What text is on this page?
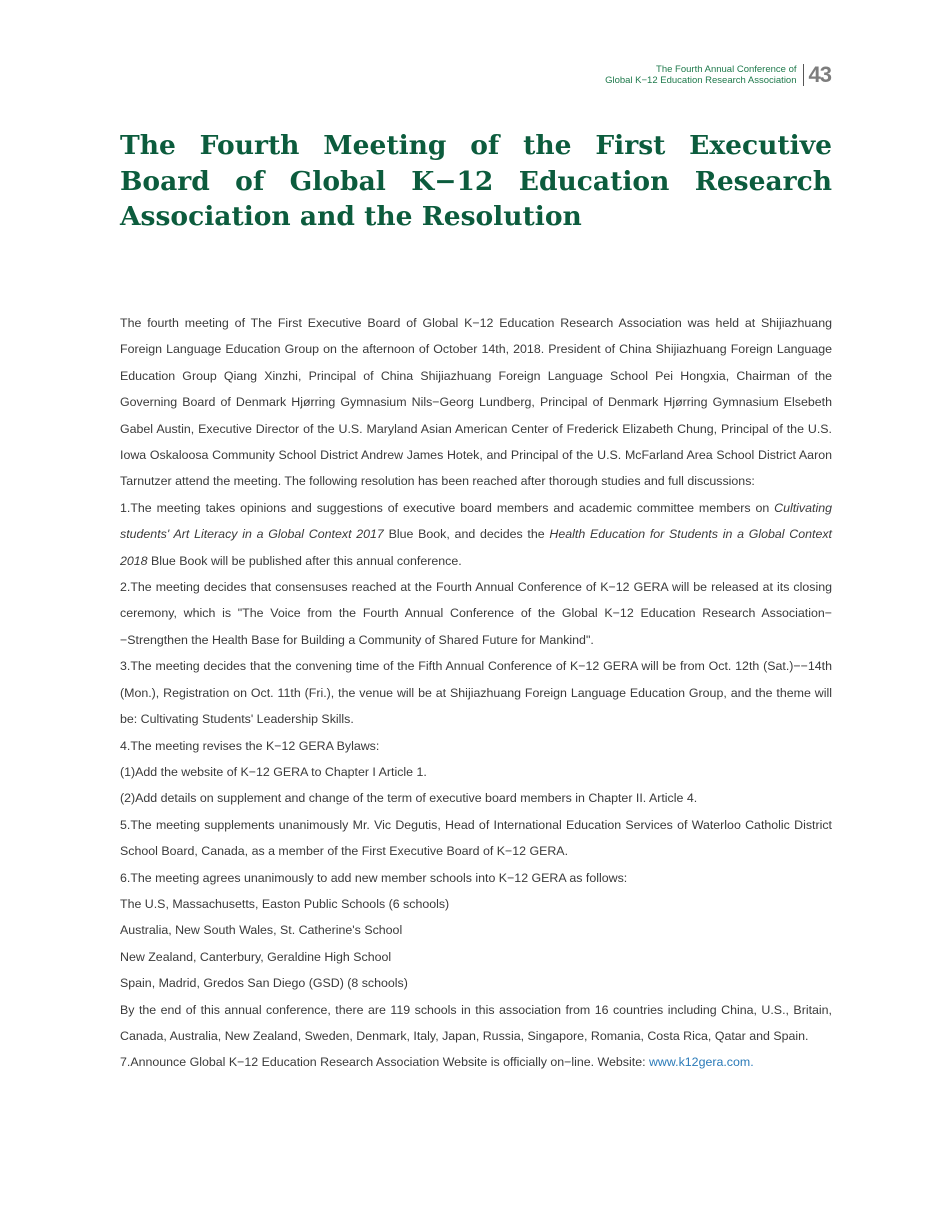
The Fourth Annual Conference of
Global K−12 Education Research Association 43
The Fourth Meeting of the First Executive Board of Global K−12 Education Research Association and the Resolution

The fourth meeting of The First Executive Board of Global K−12 Education Research Association was held at Shijiazhuang Foreign Language Education Group on the afternoon of October 14th, 2018. President of China Shijiazhuang Foreign Language Education Group Qiang Xinzhi, Principal of China Shijiazhuang Foreign Language School Pei Hongxia, Chairman of the Governing Board of Denmark Hjørring Gymnasium Nils−Georg Lundberg, Principal of Denmark Hjørring Gymnasium Elsebeth Gabel Austin, Executive Director of the U.S. Maryland Asian American Center of Frederick Elizabeth Chung, Principal of the U.S. Iowa Oskaloosa Community School District Andrew James Hotek, and Principal of the U.S. McFarland Area School District Aaron Tarnutzer attend the meeting. The following resolution has been reached after thorough studies and full discussions:

1.The meeting takes opinions and suggestions of executive board members and academic committee members on Cultivating students' Art Literacy in a Global Context 2017 Blue Book, and decides the Health Education for Students in a Global Context 2018 Blue Book will be published after this annual conference.

2.The meeting decides that consensuses reached at the Fourth Annual Conference of K−12 GERA will be released at its closing ceremony, which is "The Voice from the Fourth Annual Conference of the Global K−12 Education Research Association−−Strengthen the Health Base for Building a Community of Shared Future for Mankind".

3.The meeting decides that the convening time of the Fifth Annual Conference of K−12 GERA will be from Oct. 12th (Sat.)−−14th (Mon.), Registration on Oct. 11th (Fri.), the venue will be at Shijiazhuang Foreign Language Education Group, and the theme will be: Cultivating Students' Leadership Skills.

4.The meeting revises the K−12 GERA Bylaws:

(1)Add the website of K−12 GERA to Chapter I Article 1.

(2)Add details on supplement and change of the term of executive board members in Chapter II. Article 4.

5.The meeting supplements unanimously Mr. Vic Degutis, Head of International Education Services of Waterloo Catholic District School Board, Canada, as a member of the First Executive Board of K−12 GERA.

6.The meeting agrees unanimously to add new member schools into K−12 GERA as follows:

The U.S, Massachusetts, Easton Public Schools (6 schools)

Australia, New South Wales, St. Catherine's School

New Zealand, Canterbury, Geraldine High School

Spain, Madrid, Gredos San Diego (GSD) (8 schools)

By the end of this annual conference, there are 119 schools in this association from 16 countries including China, U.S., Britain, Canada, Australia, New Zealand, Sweden, Denmark, Italy, Japan, Russia, Singapore, Romania, Costa Rica, Qatar and Spain.

7.Announce Global K−12 Education Research Association Website is officially on−line. Website: www.k12gera.com.
